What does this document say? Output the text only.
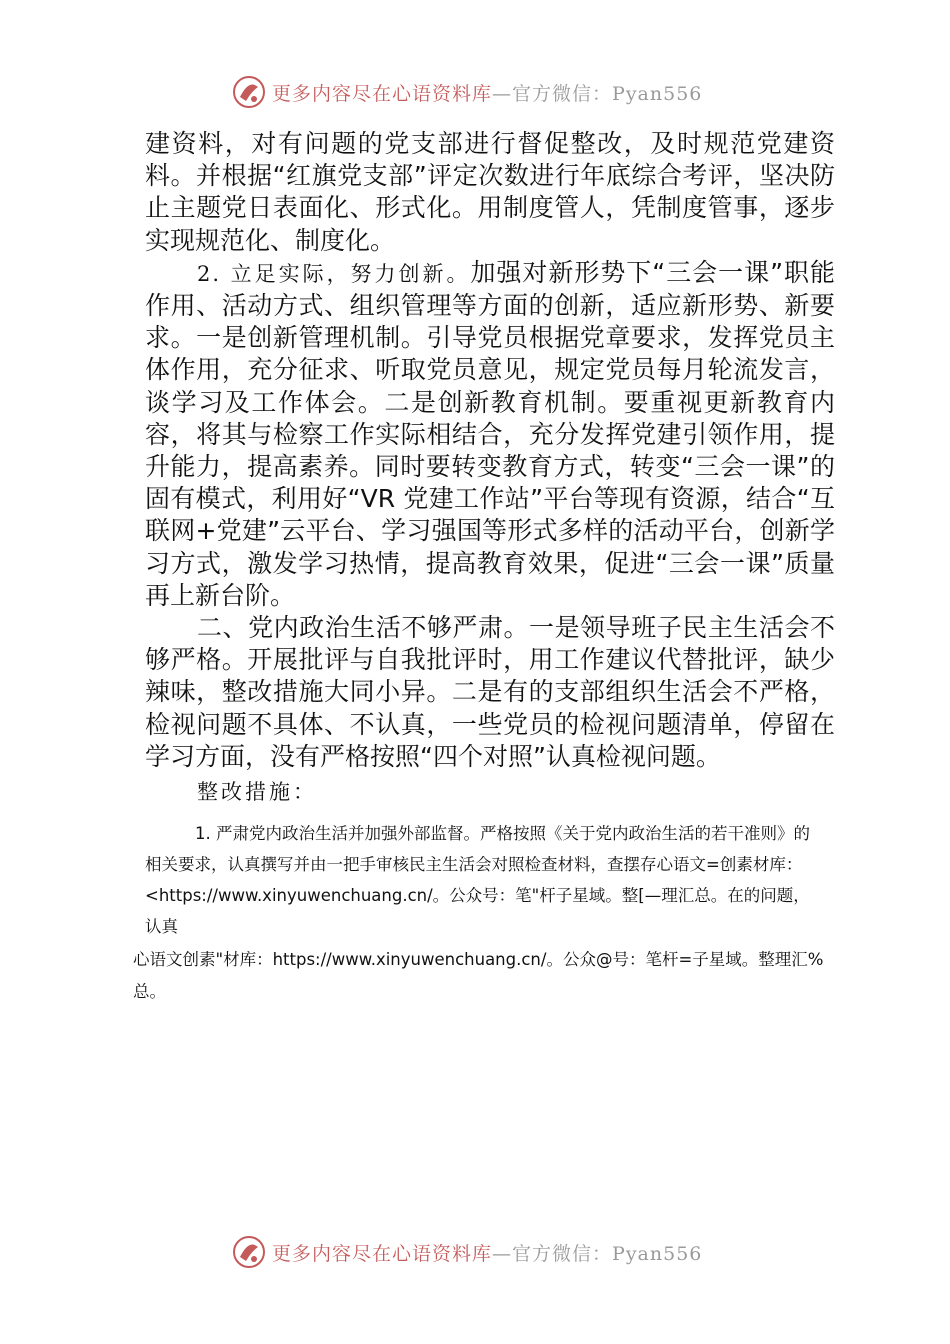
更多内容尽在心语资料库—官方微信：Pyan556

建资料，对有问题的党支部进行督促整改，及时规范党建资料。并根据“红旗党支部”评定次数进行年底综合考评，坚决防止主题党日表面化、形式化。用制度管人，凭制度管事，逐步实现规范化、制度化。

2. 立足实际，努力创新。加强对新形势下“三会一课”职能作用、活动方式、组织管理等方面的创新，适应新形势、新要求。一是创新管理机制。引导党员根据党章要求，发挥党员主体作用，充分征求、听取党员意见，规定党员每月轮流发言，谈学习及工作体会。二是创新教育机制。要重视更新教育内容，将其与检察工作实际相结合，充分发挥党建引领作用，提升能力，提高素养。同时要转变教育方式，转变“三会一课”的固有模式，利用好“VR 党建工作站”平台等现有资源，结合“互联网+党建”云平台、学习强国等形式多样的活动平台，创新学习方式，激发学习热情，提高教育效果，促进“三会一课”质量再上新台阶。

二、党内政治生活不够严肃。一是领导班子民主生活会不够严格。开展批评与自我批评时，用工作建议代替批评，缺少辣味，整改措施大同小异。二是有的支部组织生活会不严格，检视问题不具体、不认真，一些党员的检视问题清单，停留在学习方面，没有严格按照“四个对照”认真检视问题。

整改措施：

1. 严肃党内政治生活并加强外部监督。严格按照《关于党内政治生活的若干准则》的相关要求，认真撰写并由一把手审核民主生活会对照检查材料，查摆存心语文=创素材库：<https://www.xinyuwenchuang.cn/。公众号：笔"杆子星域。整[—理汇总。在的问题，认真

心语文创素"材库：https://www.xinyuwenchuang.cn/。公众@号：笔杆=子星域。整理汇%总。

更多内容尽在心语资料库—官方微信：Pyan556
